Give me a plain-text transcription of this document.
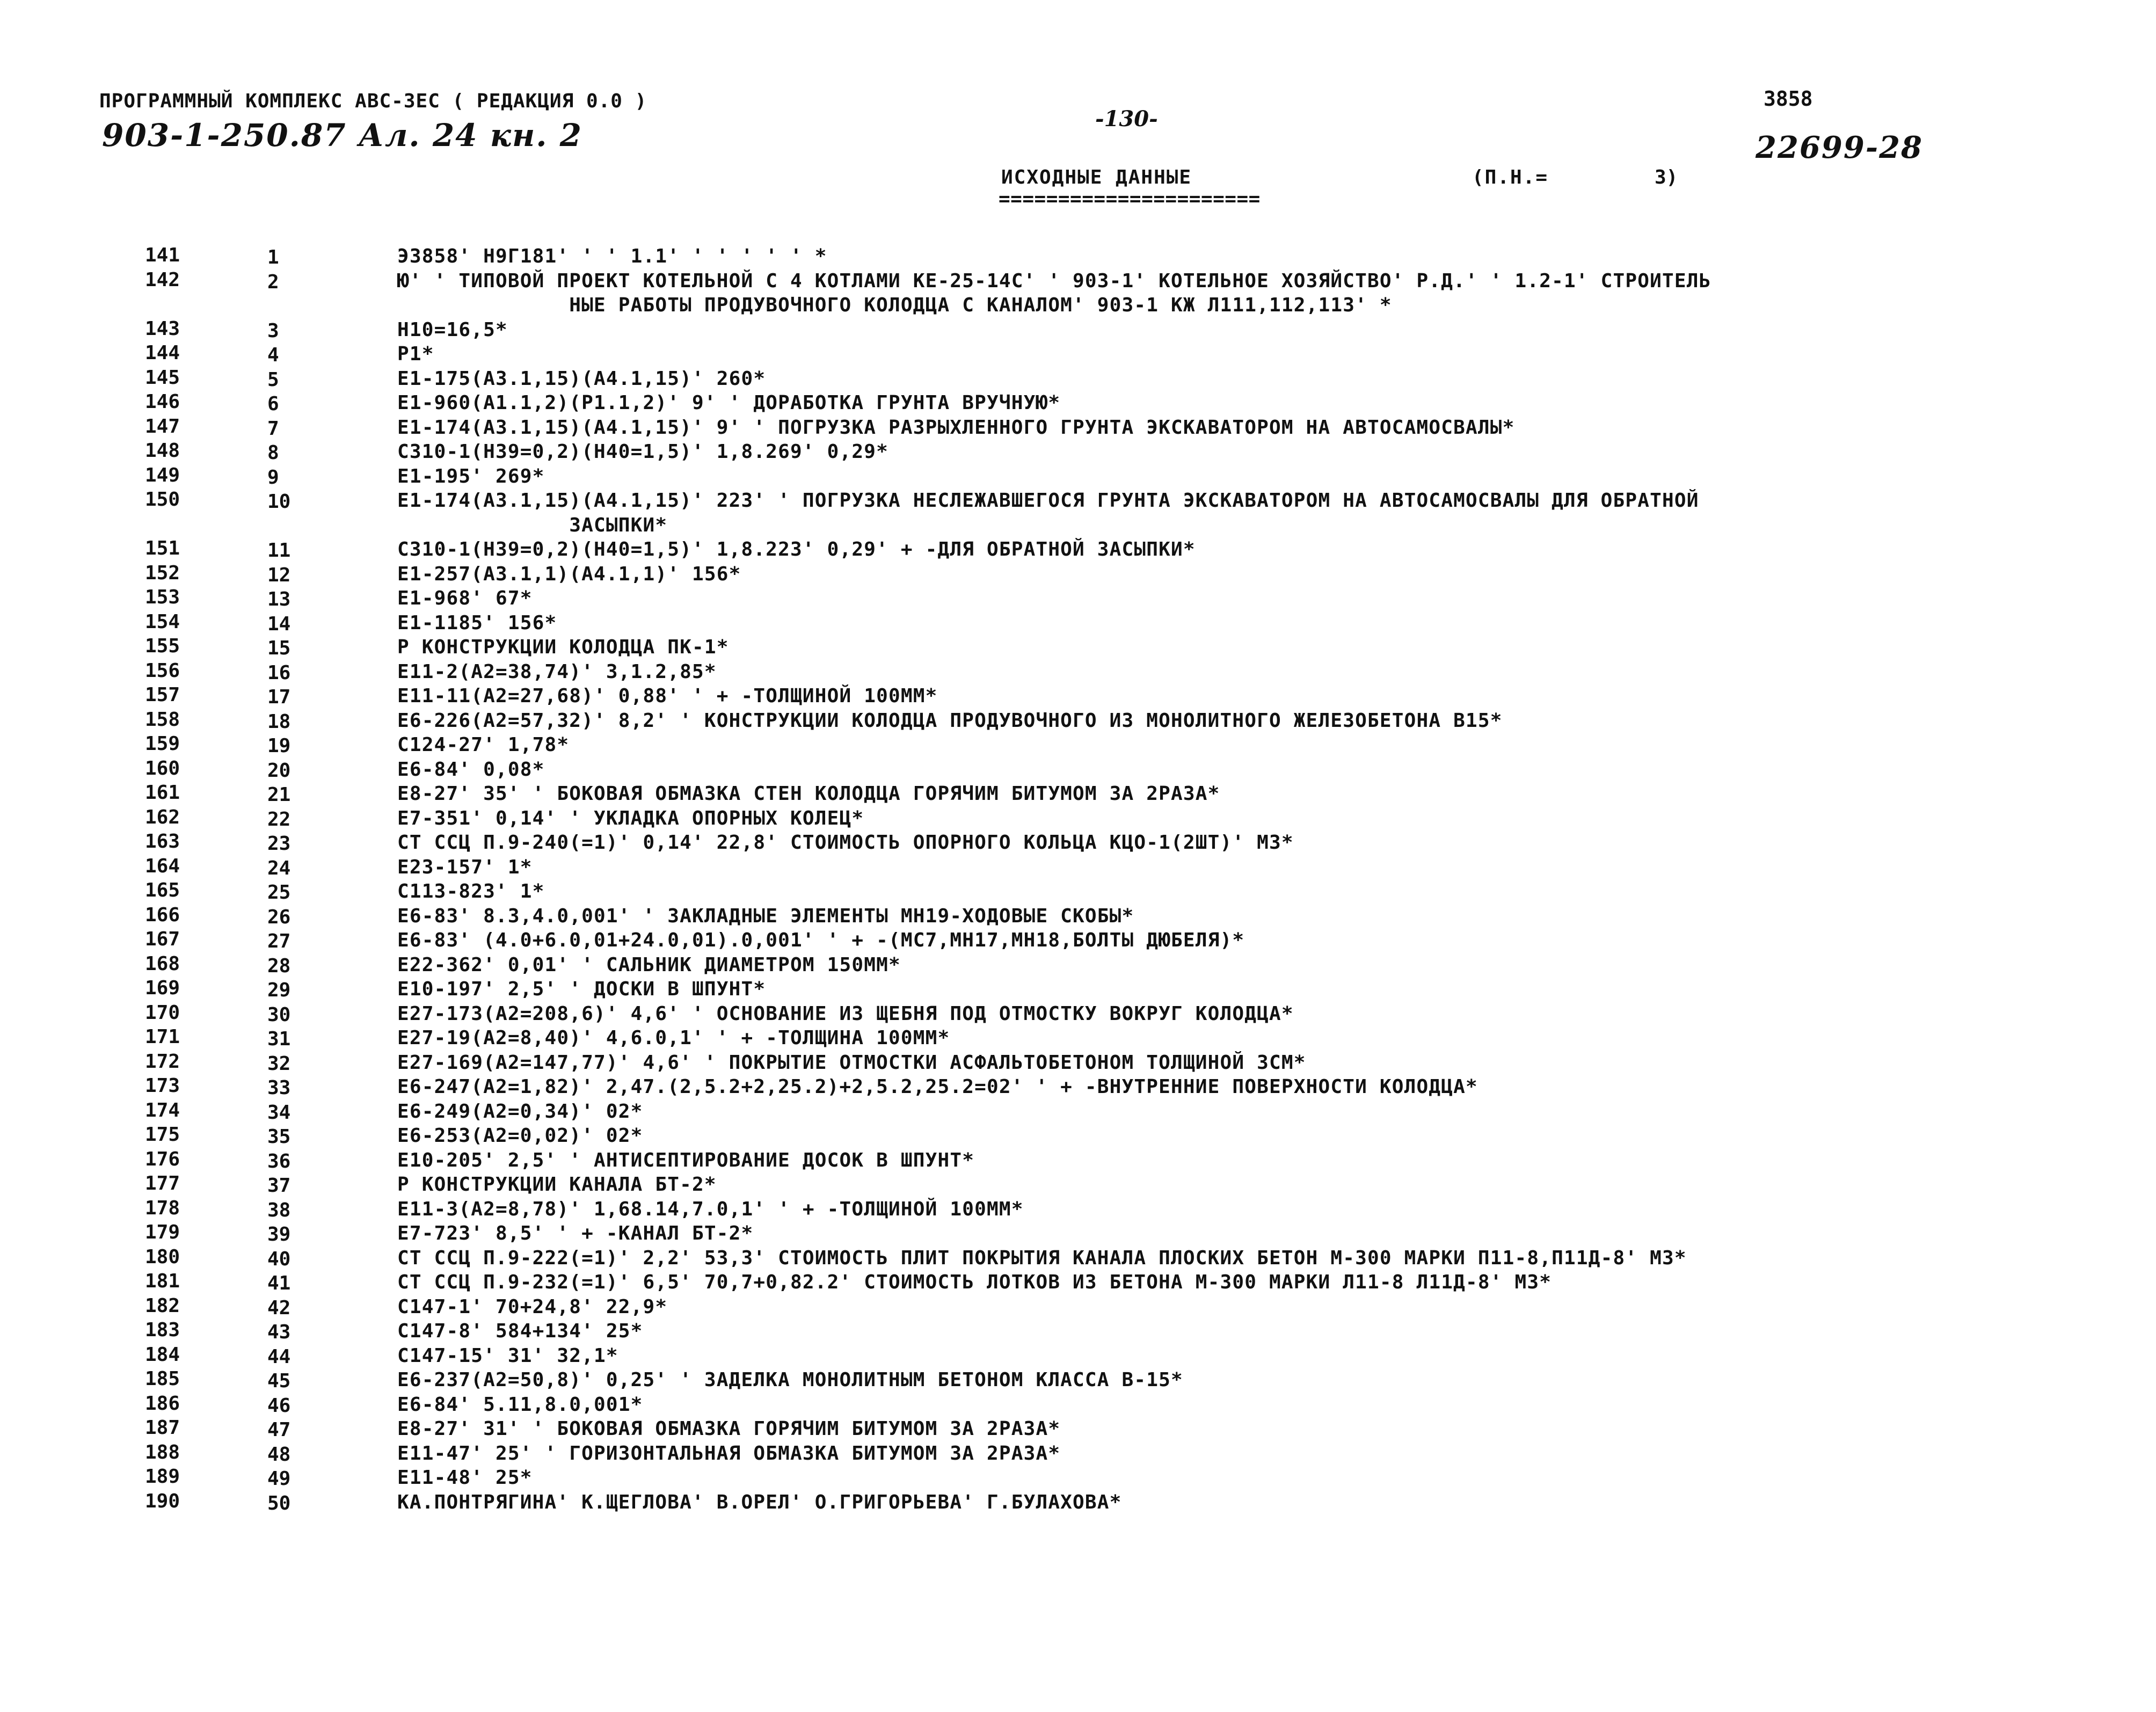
ПРОГРАММНЫЙ КОМПЛЕКС АВС-ЗЕС ( РЕДАКЦИЯ 0.0 )
-130-
3858
903-1-250.87 Ал. 24 кн. 2	22699-28
ИСХОДНЫЕ ДАННЫЕ	(П.Н.=	3)
======================
141	1	ЭЗ858' Н9Г181' ' ' 1.1' ' ' ' ' ' *
142	2	Ю' ' ТИПОВОЙ ПРОЕКТ КОТЕЛЬНОЙ С 4 КОТЛАМИ КЕ-25-14С' ' 903-1' КОТЕЛЬНОЕ ХОЗЯЙСТВО' Р.Д.' ' 1.2-1' СТРОИТЕЛЬ
НЫЕ РАБОТЫ ПРОДУВОЧНОГО КОЛОДЦА С КАНАЛОМ' 903-1 КЖ Л111,112,113' *
143	3	Н10=16,5*
144	4	Р1*
145	5	Е1-175(А3.1,15)(А4.1,15)' 260*
146	6	Е1-960(А1.1,2)(Р1.1,2)' 9' ' ДОРАБОТКА ГРУНТА ВРУЧНУЮ*
147	7	Е1-174(А3.1,15)(А4.1,15)' 9' ' ПОГРУЗКА РАЗРЫХЛЕННОГО ГРУНТА ЭКСКАВАТОРОМ НА АВТОСАМОСВАЛЫ*
148	8	С310-1(Н39=0,2)(Н40=1,5)' 1,8.269' 0,29*
149	9	Е1-195' 269*
150	10	Е1-174(А3.1,15)(А4.1,15)' 223' ' ПОГРУЗКА НЕСЛЕЖАВШЕГОСЯ ГРУНТА ЭКСКАВАТОРОМ НА АВТОСАМОСВАЛЫ ДЛЯ ОБРАТНОЙ
ЗАСЫПКИ*
151	11	С310-1(Н39=0,2)(Н40=1,5)' 1,8.223' 0,29' + -ДЛЯ ОБРАТНОЙ ЗАСЫПКИ*
152	12	Е1-257(А3.1,1)(А4.1,1)' 156*
153	13	Е1-968' 67*
154	14	Е1-1185' 156*
155	15	Р КОНСТРУКЦИИ КОЛОДЦА ПК-1*
156	16	Е11-2(А2=38,74)' 3,1.2,85*
157	17	Е11-11(А2=27,68)' 0,88' ' + -ТОЛЩИНОЙ 100ММ*
158	18	Е6-226(А2=57,32)' 8,2' ' КОНСТРУКЦИИ КОЛОДЦА ПРОДУВОЧНОГО ИЗ МОНОЛИТНОГО ЖЕЛЕЗОБЕТОНА В15*
159	19	С124-27' 1,78*
160	20	Е6-84' 0,08*
161	21	Е8-27' 35' ' БОКОВАЯ ОБМАЗКА СТЕН КОЛОДЦА ГОРЯЧИМ БИТУМОМ ЗА 2РАЗА*
162	22	Е7-351' 0,14' ' УКЛАДКА ОПОРНЫХ КОЛЕЦ*
163	23	СТ ССЦ П.9-240(=1)' 0,14' 22,8' СТОИМОСТЬ ОПОРНОГО КОЛЬЦА КЦО-1(2ШТ)' М3*
164	24	Е23-157' 1*
165	25	С113-823' 1*
166	26	Е6-83' 8.3,4.0,001' ' ЗАКЛАДНЫЕ ЭЛЕМЕНТЫ МН19-ХОДОВЫЕ СКОБЫ*
167	27	Е6-83' (4.0+6.0,01+24.0,01).0,001' ' + -(МС7,МН17,МН18,БОЛТЫ ДЮБЕЛЯ)*
168	28	Е22-362' 0,01' ' САЛЬНИК ДИАМЕТРОМ 150ММ*
169	29	Е10-197' 2,5' ' ДОСКИ В ШПУНТ*
170	30	Е27-173(А2=208,6)' 4,6' ' ОСНОВАНИЕ ИЗ ЩЕБНЯ ПОД ОТМОСТКУ ВОКРУГ КОЛОДЦА*
171	31	Е27-19(А2=8,40)' 4,6.0,1' ' + -ТОЛЩИНА 100ММ*
172	32	Е27-169(А2=147,77)' 4,6' ' ПОКРЫТИЕ ОТМОСТКИ АСФАЛЬТОБЕТОНОМ ТОЛЩИНОЙ 3СМ*
173	33	Е6-247(А2=1,82)' 2,47.(2,5.2+2,25.2)+2,5.2,25.2=02' ' + -ВНУТРЕННИЕ ПОВЕРХНОСТИ КОЛОДЦА*
174	34	Е6-249(А2=0,34)' 02*
175	35	Е6-253(А2=0,02)' 02*
176	36	Е10-205' 2,5' ' АНТИСЕПТИРОВАНИЕ ДОСОК В ШПУНТ*
177	37	Р КОНСТРУКЦИИ КАНАЛА БТ-2*
178	38	Е11-3(А2=8,78)' 1,68.14,7.0,1' ' + -ТОЛЩИНОЙ 100ММ*
179	39	Е7-723' 8,5' ' + -КАНАЛ БТ-2*
180	40	СТ ССЦ П.9-222(=1)' 2,2' 53,3' СТОИМОСТЬ ПЛИТ ПОКРЫТИЯ КАНАЛА ПЛОСКИХ БЕТОН М-300 МАРКИ П11-8,П11Д-8' М3*
181	41	СТ ССЦ П.9-232(=1)' 6,5' 70,7+0,82.2' СТОИМОСТЬ ЛОТКОВ ИЗ БЕТОНА М-300 МАРКИ Л11-8 Л11Д-8' М3*
182	42	С147-1' 70+24,8' 22,9*
183	43	С147-8' 584+134' 25*
184	44	С147-15' 31' 32,1*
185	45	Е6-237(А2=50,8)' 0,25' ' ЗАДЕЛКА МОНОЛИТНЫМ БЕТОНОМ КЛАССА В-15*
186	46	Е6-84' 5.11,8.0,001*
187	47	Е8-27' 31' ' БОКОВАЯ ОБМАЗКА ГОРЯЧИМ БИТУМОМ ЗА 2РАЗА*
188	48	Е11-47' 25' ' ГОРИЗОНТАЛЬНАЯ ОБМАЗКА БИТУМОМ ЗА 2РАЗА*
189	49	Е11-48' 25*
190	50	КА.ПОНТРЯГИНА' К.ЩЕГЛОВА' В.ОРЕЛ' О.ГРИГОРЬЕВА' Г.БУЛАХОВА*
